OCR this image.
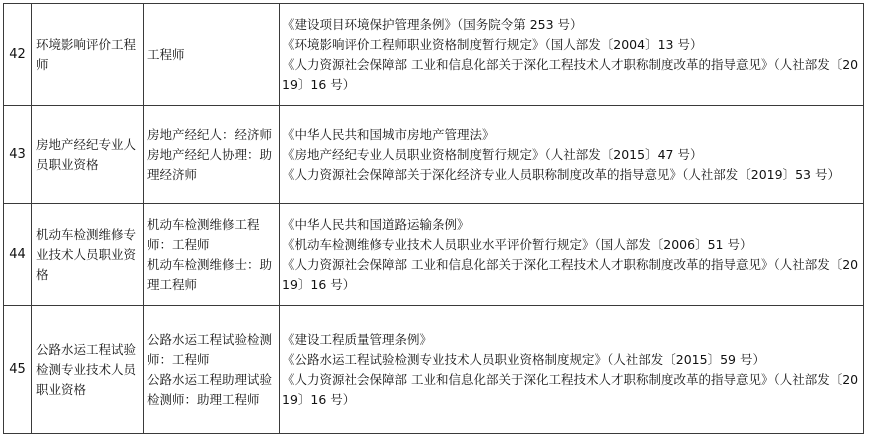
42	环境影响评价工程师	工程师	《建设项目环境保护管理条例》（国务院令第 253 号）
《环境影响评价工程师职业资格制度暂行规定》（国人部发〔2004〕13 号）
《人力资源社会保障部 工业和信息化部关于深化工程技术人才职称制度改革的指导意见》（人社部发〔2019〕16 号）

43	房地产经纪专业人员职业资格	房地产经纪人：经济师
房地产经纪人协理：助理经济师	《中华人民共和国城市房地产管理法》
《房地产经纪专业人员职业资格制度暂行规定》（人社部发〔2015〕47 号）
《人力资源社会保障部关于深化经济专业人员职称制度改革的指导意见》（人社部发〔2019〕53 号）

44	机动车检测维修专业技术人员职业资格	机动车检测维修工程师：工程师
机动车检测维修士：助理工程师	《中华人民共和国道路运输条例》
《机动车检测维修专业技术人员职业水平评价暂行规定》（国人部发〔2006〕51 号）
《人力资源社会保障部 工业和信息化部关于深化工程技术人才职称制度改革的指导意见》（人社部发〔2019〕16 号）

45	公路水运工程试验检测专业技术人员职业资格	公路水运工程试验检测师：工程师
公路水运工程助理试验检测师：助理工程师	《建设工程质量管理条例》
《公路水运工程试验检测专业技术人员职业资格制度规定》（人社部发〔2015〕59 号）
《人力资源社会保障部 工业和信息化部关于深化工程技术人才职称制度改革的指导意见》（人社部发〔2019〕16 号）
